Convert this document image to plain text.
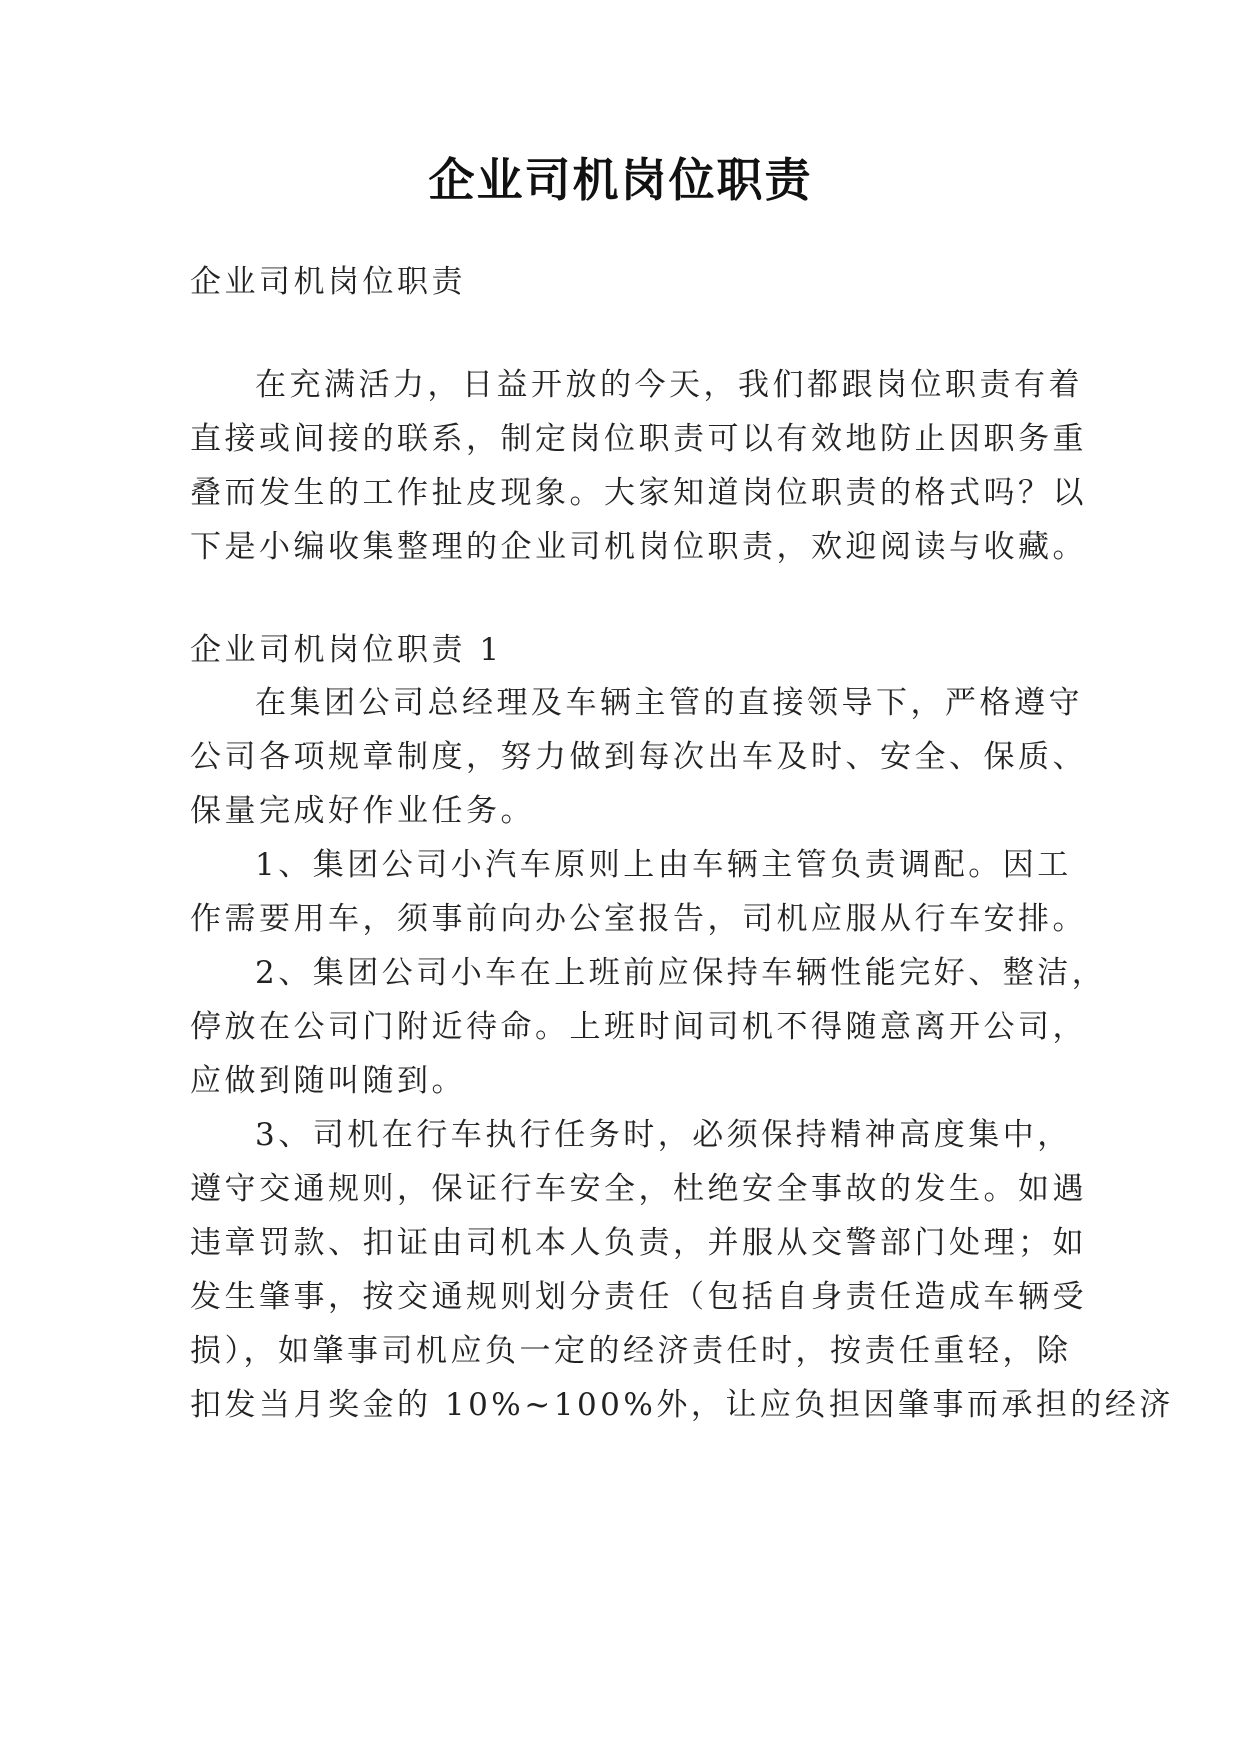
企业司机岗位职责
企业司机岗位职责
在充满活力，日益开放的今天，我们都跟岗位职责有着
直接或间接的联系，制定岗位职责可以有效地防止因职务重
叠而发生的工作扯皮现象。大家知道岗位职责的格式吗？以
下是小编收集整理的企业司机岗位职责，欢迎阅读与收藏。
企业司机岗位职责 1
在集团公司总经理及车辆主管的直接领导下，严格遵守
公司各项规章制度，努力做到每次出车及时、安全、保质、
保量完成好作业任务。
1、集团公司小汽车原则上由车辆主管负责调配。因工
作需要用车，须事前向办公室报告，司机应服从行车安排。
2、集团公司小车在上班前应保持车辆性能完好、整洁，
停放在公司门附近待命。上班时间司机不得随意离开公司，
应做到随叫随到。
3、司机在行车执行任务时，必须保持精神高度集中，
遵守交通规则，保证行车安全，杜绝安全事故的发生。如遇
违章罚款、扣证由司机本人负责，并服从交警部门处理；如
发生肇事，按交通规则划分责任（包括自身责任造成车辆受
损），如肇事司机应负一定的经济责任时，按责任重轻，除
扣发当月奖金的 10%~100%外，让应负担因肇事而承担的经济
